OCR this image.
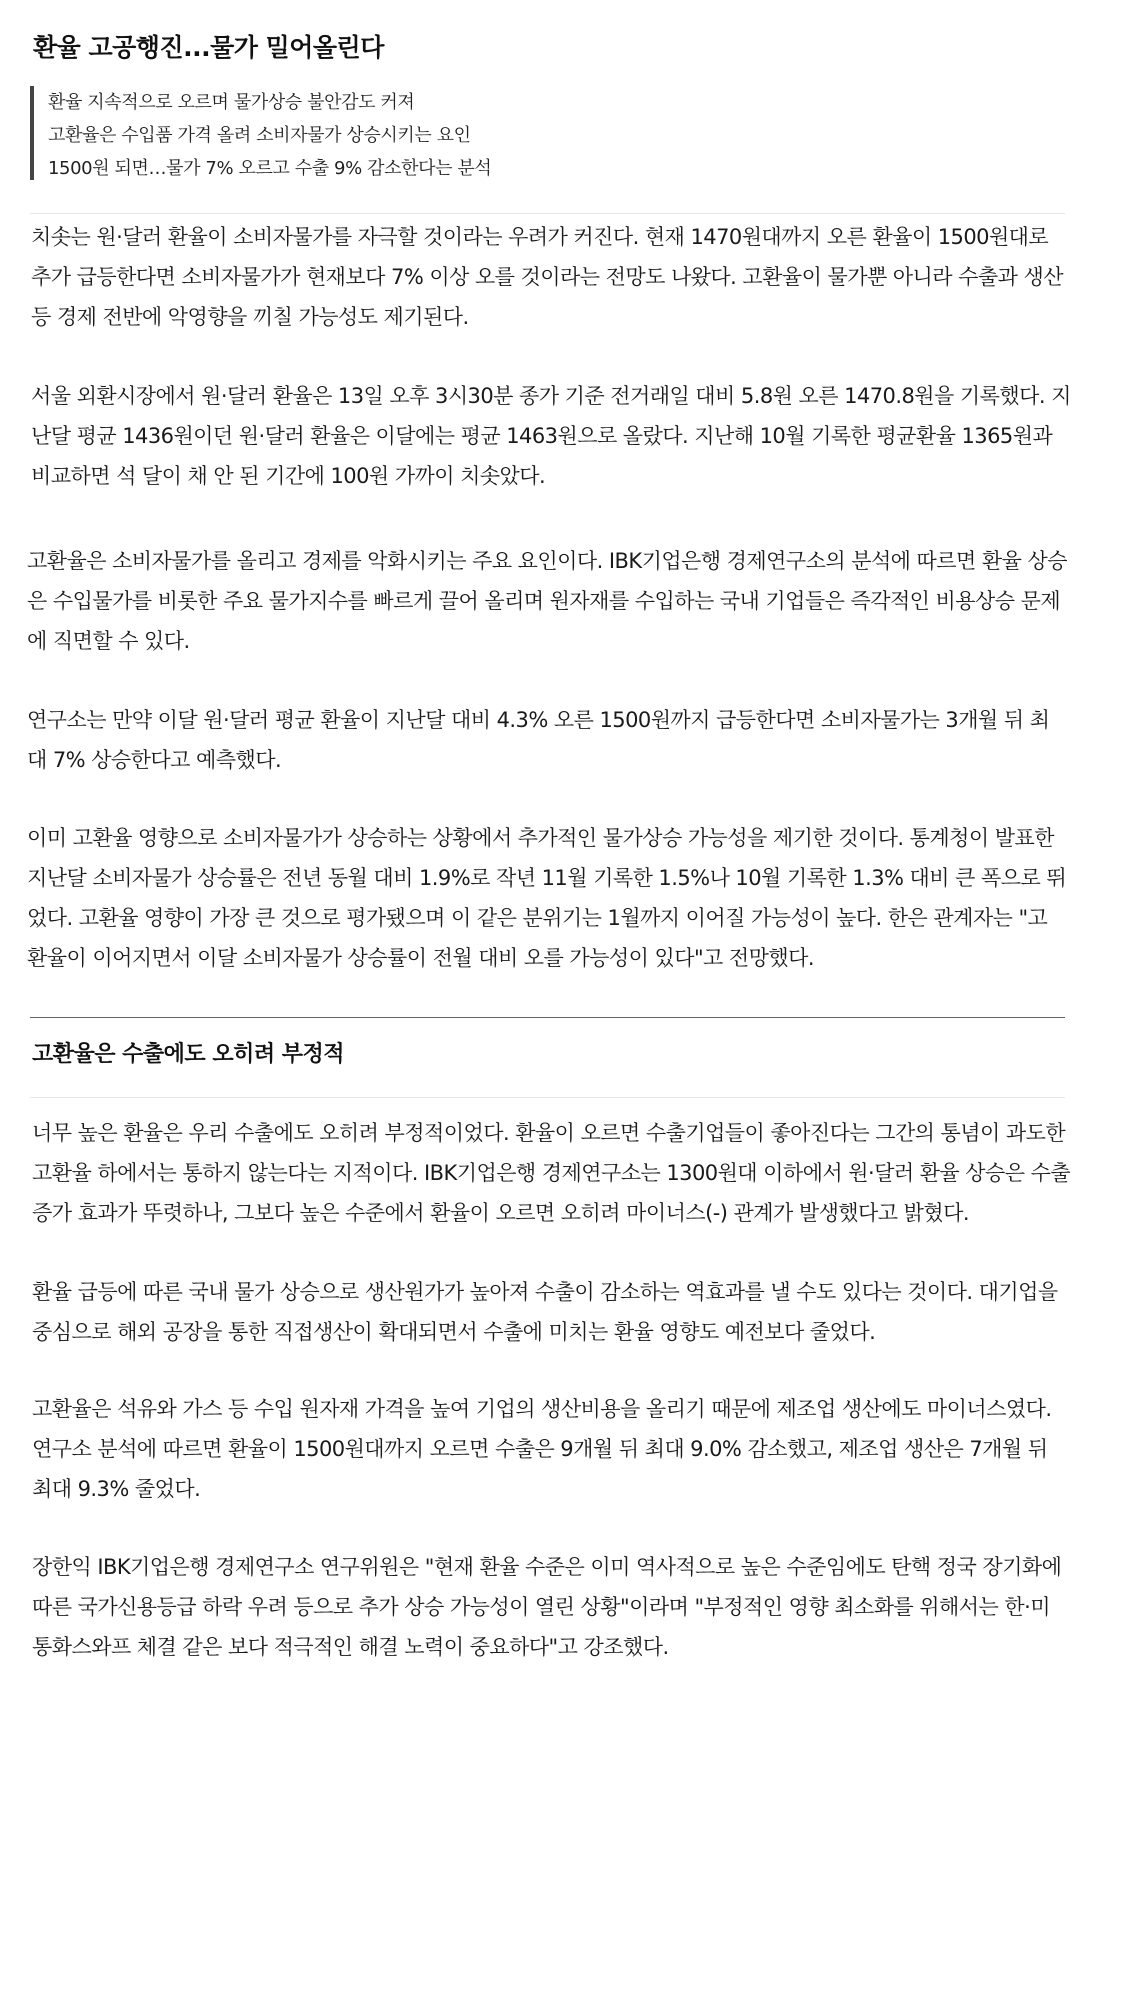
환율 고공행진...물가 밀어올린다
환율 지속적으로 오르며 물가상승 불안감도 커져
고환율은 수입품 가격 올려 소비자물가 상승시키는 요인
1500원 되면…물가 7% 오르고 수출 9% 감소한다는 분석

치솟는 원·달러 환율이 소비자물가를 자극할 것이라는 우려가 커진다. 현재 1470원대까지 오른 환율이 1500원대로 추가 급등한다면 소비자물가가 현재보다 7% 이상 오를 것이라는 전망도 나왔다. 고환율이 물가뿐 아니라 수출과 생산 등 경제 전반에 악영향을 끼칠 가능성도 제기된다.

서울 외환시장에서 원·달러 환율은 13일 오후 3시30분 종가 기준 전거래일 대비 5.8원 오른 1470.8원을 기록했다. 지난달 평균 1436원이던 원·달러 환율은 이달에는 평균 1463원으로 올랐다. 지난해 10월 기록한 평균환율 1365원과 비교하면 석 달이 채 안 된 기간에 100원 가까이 치솟았다.

고환율은 소비자물가를 올리고 경제를 악화시키는 주요 요인이다. IBK기업은행 경제연구소의 분석에 따르면 환율 상승은 수입물가를 비롯한 주요 물가지수를 빠르게 끌어 올리며 원자재를 수입하는 국내 기업들은 즉각적인 비용상승 문제에 직면할 수 있다.

연구소는 만약 이달 원·달러 평균 환율이 지난달 대비 4.3% 오른 1500원까지 급등한다면 소비자물가는 3개월 뒤 최대 7% 상승한다고 예측했다.

이미 고환율 영향으로 소비자물가가 상승하는 상황에서 추가적인 물가상승 가능성을 제기한 것이다. 통계청이 발표한 지난달 소비자물가 상승률은 전년 동월 대비 1.9%로 작년 11월 기록한 1.5%나 10월 기록한 1.3% 대비 큰 폭으로 뛰었다. 고환율 영향이 가장 큰 것으로 평가됐으며 이 같은 분위기는 1월까지 이어질 가능성이 높다. 한은 관계자는 "고환율이 이어지면서 이달 소비자물가 상승률이 전월 대비 오를 가능성이 있다"고 전망했다.

고환율은 수출에도 오히려 부정적

너무 높은 환율은 우리 수출에도 오히려 부정적이었다. 환율이 오르면 수출기업들이 좋아진다는 그간의 통념이 과도한 고환율 하에서는 통하지 않는다는 지적이다. IBK기업은행 경제연구소는 1300원대 이하에서 원·달러 환율 상승은 수출 증가 효과가 뚜렷하나, 그보다 높은 수준에서 환율이 오르면 오히려 마이너스(-) 관계가 발생했다고 밝혔다.

환율 급등에 따른 국내 물가 상승으로 생산원가가 높아져 수출이 감소하는 역효과를 낼 수도 있다는 것이다. 대기업을 중심으로 해외 공장을 통한 직접생산이 확대되면서 수출에 미치는 환율 영향도 예전보다 줄었다.

고환율은 석유와 가스 등 수입 원자재 가격을 높여 기업의 생산비용을 올리기 때문에 제조업 생산에도 마이너스였다. 연구소 분석에 따르면 환율이 1500원대까지 오르면 수출은 9개월 뒤 최대 9.0% 감소했고, 제조업 생산은 7개월 뒤 최대 9.3% 줄었다.

장한익 IBK기업은행 경제연구소 연구위원은 "현재 환율 수준은 이미 역사적으로 높은 수준임에도 탄핵 정국 장기화에 따른 국가신용등급 하락 우려 등으로 추가 상승 가능성이 열린 상황"이라며 "부정적인 영향 최소화를 위해서는 한·미 통화스와프 체결 같은 보다 적극적인 해결 노력이 중요하다"고 강조했다.
